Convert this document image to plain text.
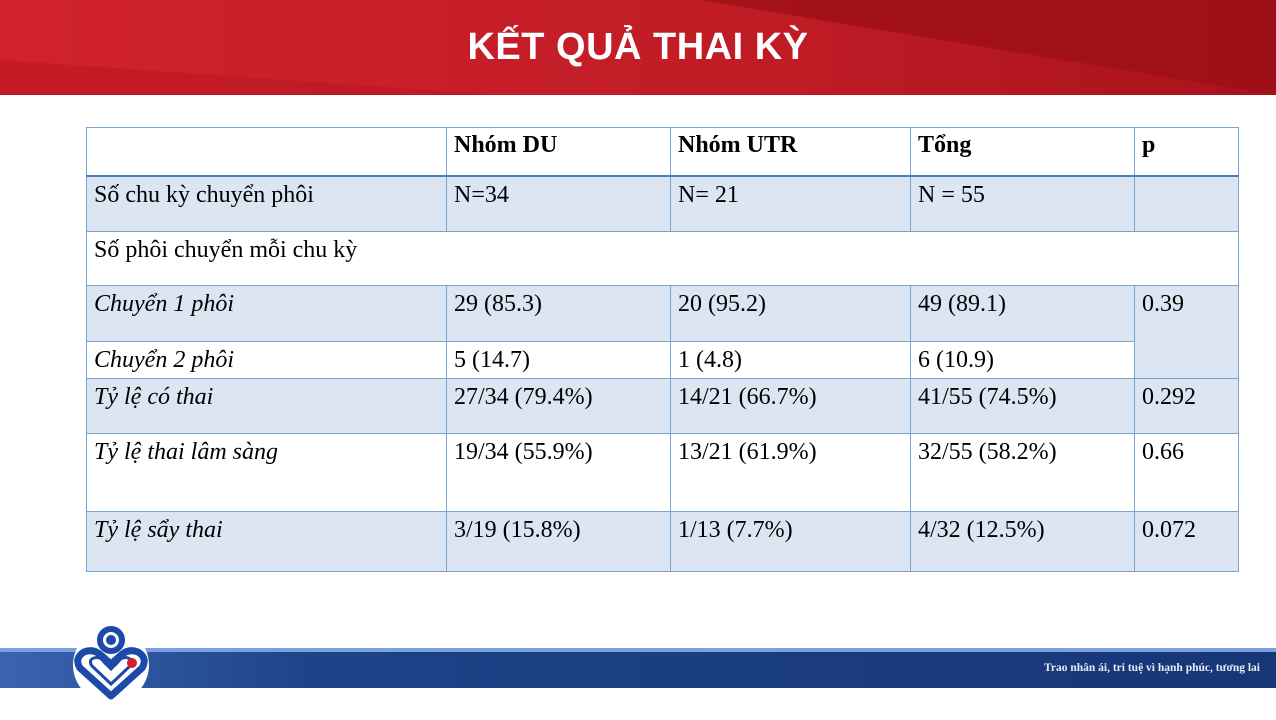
KẾT QUẢ THAI KỲ
	Nhóm DU	Nhóm UTR	Tổng	p
Số chu kỳ chuyển phôi	N=34	N= 21	N = 55	
Số phôi chuyển mỗi chu kỳ				
Chuyển 1 phôi	29 (85.3)	20 (95.2)	49 (89.1)	0.39
Chuyển 2 phôi	5 (14.7)	1 (4.8)	6 (10.9)	
Tỷ lệ có thai	27/34 (79.4%)	14/21 (66.7%)	41/55 (74.5%)	0.292
Tỷ lệ thai lâm sàng	19/34 (55.9%)	13/21 (61.9%)	32/55 (58.2%)	0.66
Tỷ lệ sẩy thai	3/19 (15.8%)	1/13 (7.7%)	4/32 (12.5%)	0.072
Trao nhân ái, tri tuệ vì hạnh phúc, tương lai
